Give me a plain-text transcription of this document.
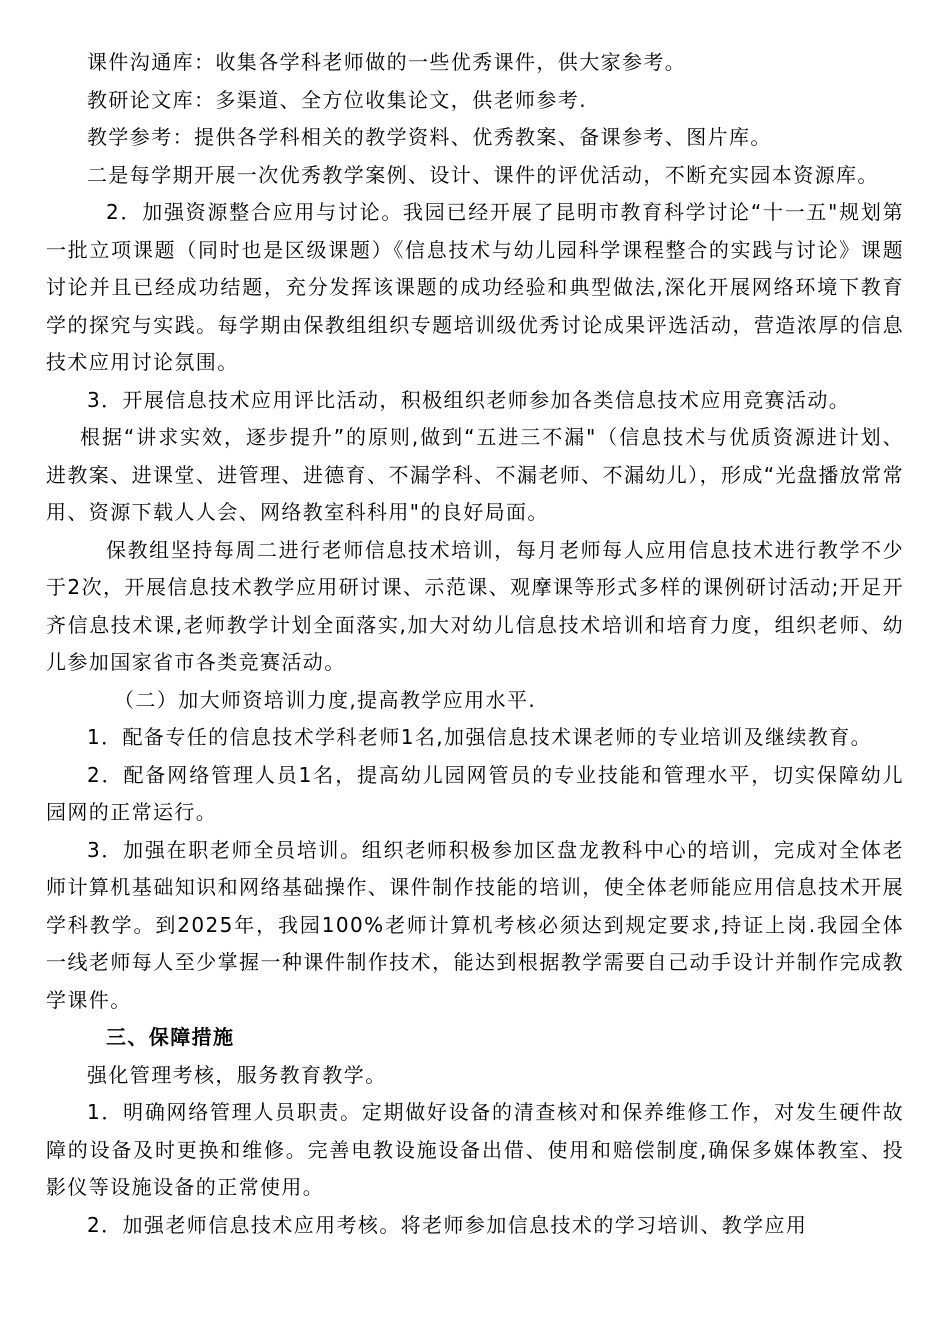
课件沟通库：收集各学科老师做的一些优秀课件，供大家参考。

教研论文库：多渠道、全方位收集论文，供老师参考.

教学参考：提供各学科相关的教学资料、优秀教案、备课参考、图片库。

二是每学期开展一次优秀教学案例、设计、课件的评优活动，不断充实园本资源库。

2．加强资源整合应用与讨论。我园已经开展了昆明市教育科学讨论“十一五"规划第一批立项课题（同时也是区级课题）《信息技术与幼儿园科学课程整合的实践与讨论》课题讨论并且已经成功结题，充分发挥该课题的成功经验和典型做法,深化开展网络环境下教育学的探究与实践。每学期由保教组组织专题培训级优秀讨论成果评选活动，营造浓厚的信息技术应用讨论氛围。

3．开展信息技术应用评比活动，积极组织老师参加各类信息技术应用竞赛活动。

根据“讲求实效，逐步提升”的原则,做到“五进三不漏"（信息技术与优质资源进计划、进教案、进课堂、进管理、进德育、不漏学科、不漏老师、不漏幼儿），形成“光盘播放常常用、资源下载人人会、网络教室科科用"的良好局面。

保教组坚持每周二进行老师信息技术培训，每月老师每人应用信息技术进行教学不少于2次，开展信息技术教学应用研讨课、示范课、观摩课等形式多样的课例研讨活动;开足开齐信息技术课,老师教学计划全面落实,加大对幼儿信息技术培训和培育力度，组织老师、幼儿参加国家省市各类竞赛活动。

（二）加大师资培训力度,提高教学应用水平.

1．配备专任的信息技术学科老师1名,加强信息技术课老师的专业培训及继续教育。

2．配备网络管理人员1名，提高幼儿园网管员的专业技能和管理水平，切实保障幼儿园网的正常运行。

3．加强在职老师全员培训。组织老师积极参加区盘龙教科中心的培训，完成对全体老师计算机基础知识和网络基础操作、课件制作技能的培训，使全体老师能应用信息技术开展学科教学。到2025年，我园100%老师计算机考核必须达到规定要求,持证上岗.我园全体一线老师每人至少掌握一种课件制作技术，能达到根据教学需要自己动手设计并制作完成教学课件。

三、保障措施

强化管理考核，服务教育教学。

1．明确网络管理人员职责。定期做好设备的清查核对和保养维修工作，对发生硬件故障的设备及时更换和维修。完善电教设施设备出借、使用和赔偿制度,确保多媒体教室、投影仪等设施设备的正常使用。

2．加强老师信息技术应用考核。将老师参加信息技术的学习培训、教学应用
